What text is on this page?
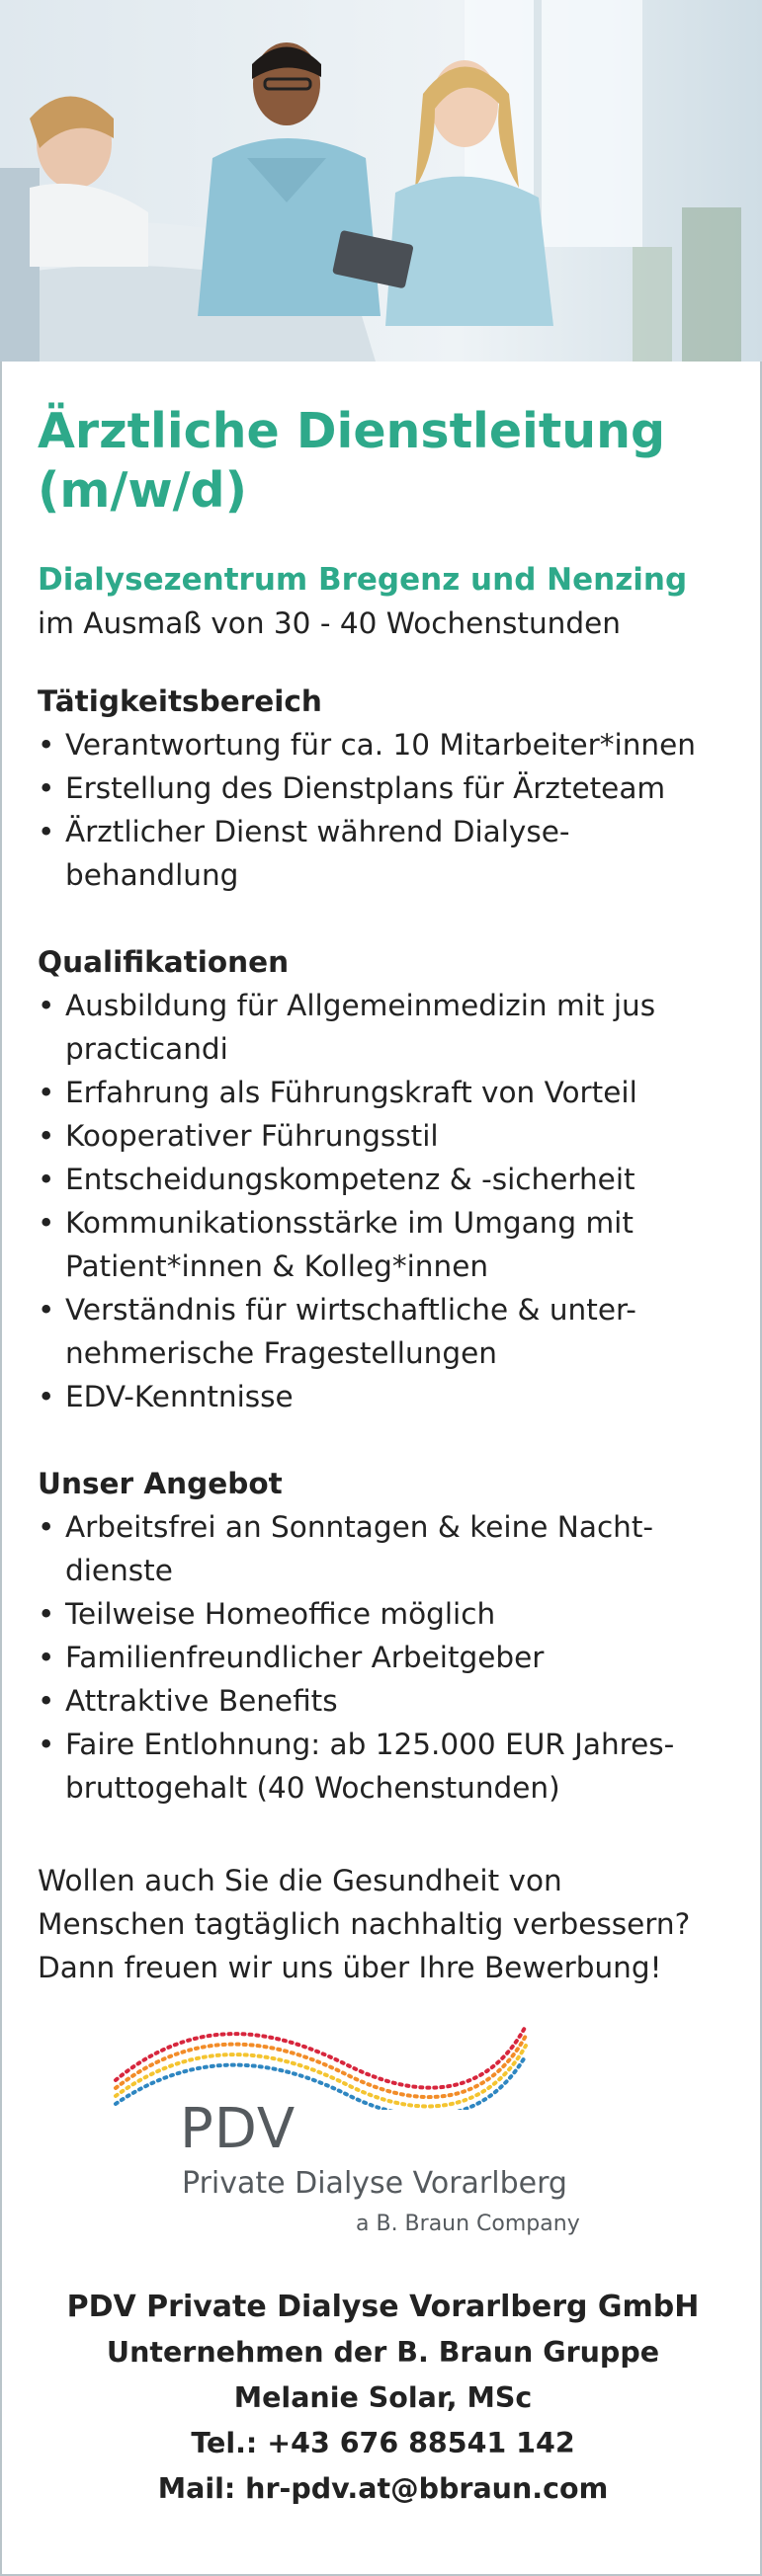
Ärztliche Dienstleitung
(m/w/d)
Dialysezentrum Bregenz und Nenzing
im Ausmaß von 30 - 40 Wochenstunden
Tätigkeitsbereich
• Verantwortung für ca. 10 Mitarbeiter*innen
• Erstellung des Dienstplans für Ärzteteam
• Ärztlicher Dienst während Dialyse-
behandlung
Qualifikationen
• Ausbildung für Allgemeinmedizin mit jus
practicandi
• Erfahrung als Führungskraft von Vorteil
• Kooperativer Führungsstil
• Entscheidungskompetenz & -sicherheit
• Kommunikationsstärke im Umgang mit
Patient*innen & Kolleg*innen
• Verständnis für wirtschaftliche & unter-
nehmerische Fragestellungen
• EDV-Kenntnisse
Unser Angebot
• Arbeitsfrei an Sonntagen & keine Nacht-
dienste
• Teilweise Homeoffice möglich
• Familienfreundlicher Arbeitgeber
• Attraktive Benefits
• Faire Entlohnung: ab 125.000 EUR Jahres-
bruttogehalt (40 Wochenstunden)
Wollen auch Sie die Gesundheit von
Menschen tagtäglich nachhaltig verbessern?
Dann freuen wir uns über Ihre Bewerbung!
PDV
Private Dialyse Vorarlberg
a B. Braun Company
PDV Private Dialyse Vorarlberg GmbH
Unternehmen der B. Braun Gruppe
Melanie Solar, MSc
Tel.: +43 676 88541 142
Mail: hr-pdv.at@bbraun.com
